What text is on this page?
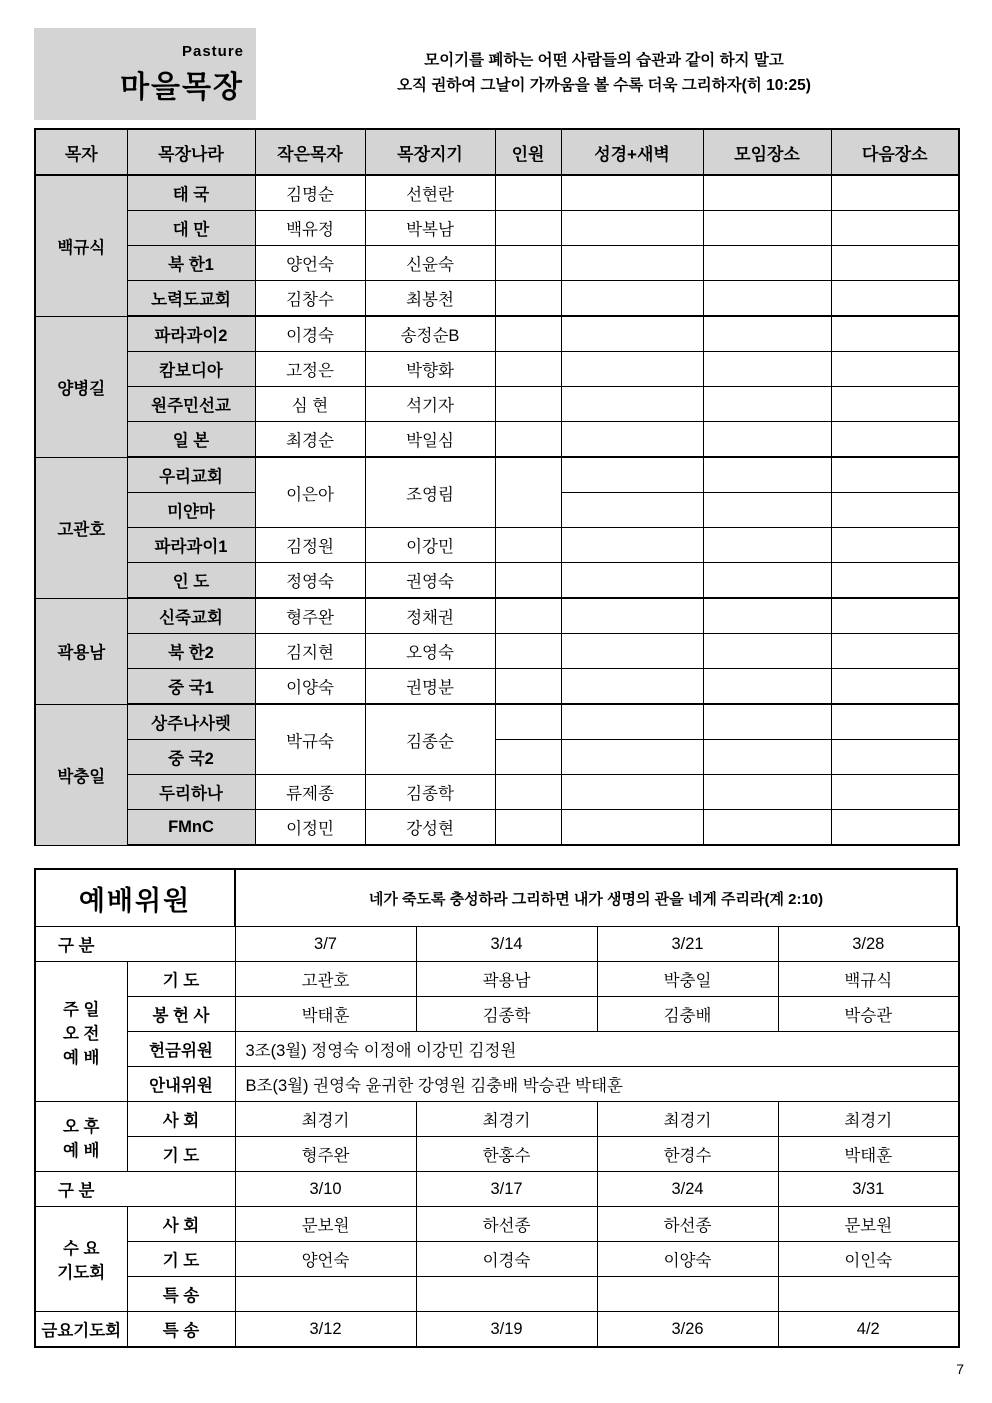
Pasture
마을목장
모이기를 폐하는 어떤 사람들의 습관과 같이 하지 말고
오직 권하여 그날이 가까움을 볼 수록 더욱 그리하자(히 10:25)
목자	목장나라	작은목자	목장지기	인원	성경+새벽	모임장소	다음장소
백규식	태 국	김명순	선현란				
	대 만	백유정	박복남				
	북 한1	양언숙	신윤숙				
	노력도교회	김창수	최봉천				
양병길	파라과이2	이경숙	송정순B				
	캄보디아	고정은	박향화				
	원주민선교	심 현	석기자				
	일 본	최경순	박일심				
고관호	우리교회	이은아	조영림				
	미얀마						
	파라과이1	김정원	이강민				
	인 도	정영숙	권영숙				
곽용남	신죽교회	형주완	정채권				
	북 한2	김지현	오영숙				
	중 국1	이양숙	권명분				
박충일	상주나사렛	박규숙	김종순				
	중 국2						
	두리하나	류제종	김종학				
	FMnC	이정민	강성현				
예배위원	네가 죽도록 충성하라 그리하면 내가 생명의 관을 네게 주리라(계 2:10)
구 분		3/7	3/14	3/21	3/28

주 일
오 전
예 배	기 도	고관호	곽용남	박충일	백규식
	봉 헌 사	박태훈	김종학	김충배	박승관
	헌금위원	3조(3월) 정영숙 이정애 이강민 김정원			
	안내위원	B조(3월) 권영숙 윤귀한 강영원 김충배 박승관 박태훈			

오 후
예 배	사 회	최경기	최경기	최경기	최경기
	기 도	형주완	한홍수	한경수	박태훈

구 분		3/10	3/17	3/24	3/31

수 요
기도회	사 회	문보원	하선종	하선종	문보원
	기 도	양언숙	이경숙	이양숙	이인숙
	특 송				
금요기도회	특 송	3/12	3/19	3/26	4/2
7
